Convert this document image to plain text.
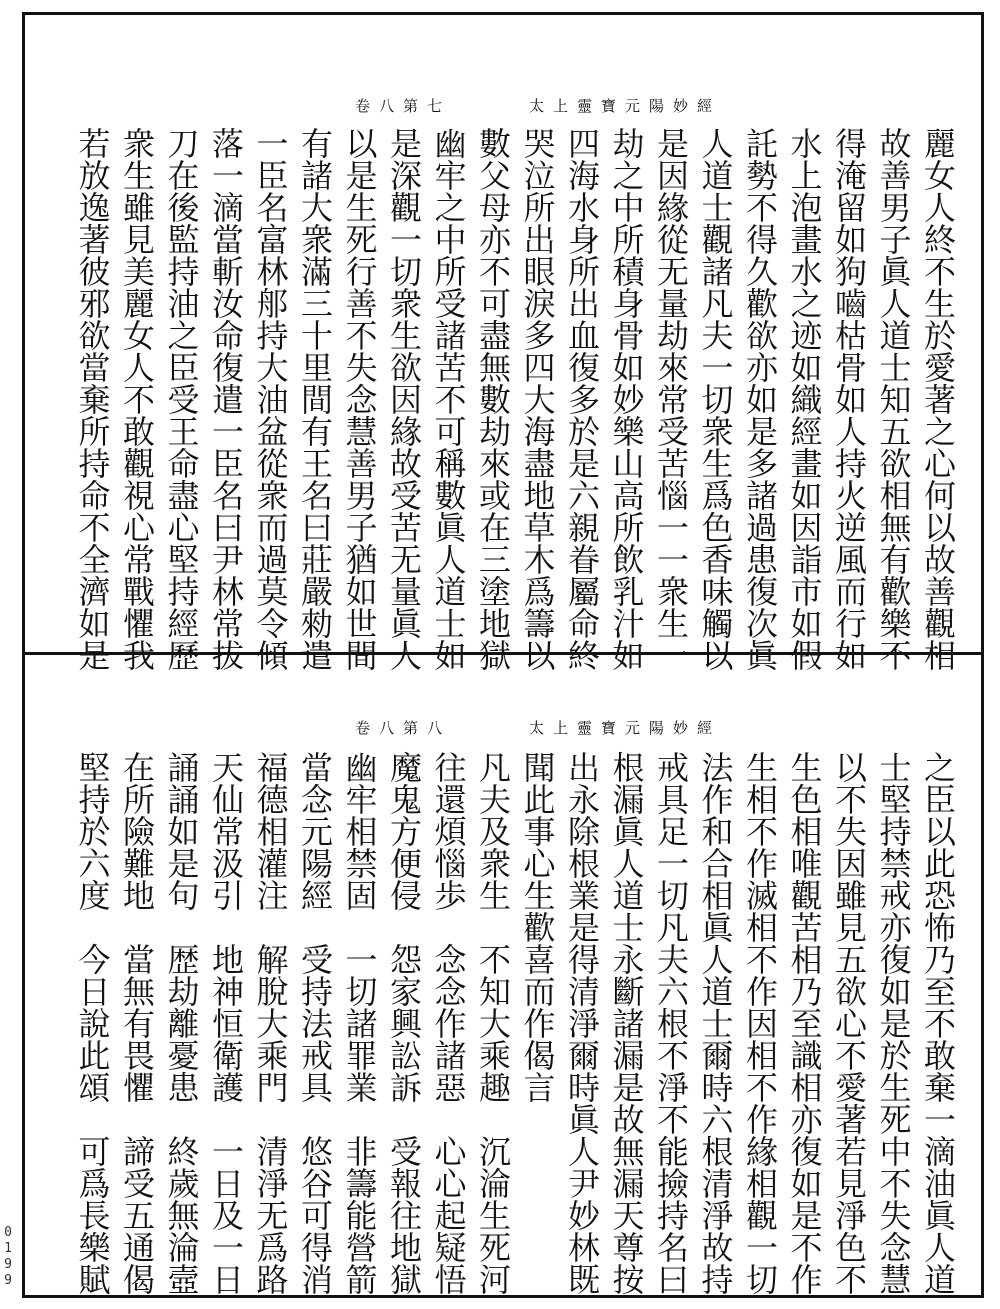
太上靈寶元陽妙經
卷八第七
麗女人終不生於愛著之心何以故善觀相
故善男子眞人道士知五欲相無有歡樂不
得淹留如狗嚙枯骨如人持火逆風而行如
水上泡畫水之迹如織經畫如因詣市如假
託勢不得久歡欲亦如是多諸過患復次眞
人道士觀諸凡夫一切衆生爲色香味觸以
是因緣從无量劫來常受苦惱一一衆生一
劫之中所積身骨如妙樂山高所飲乳汁如
四海水身所出血復多於是六親眷屬命終
哭泣所出眼淚多四大海盡地草木爲籌以
數父母亦不可盡無數劫來或在三塗地獄
幽牢之中所受諸苦不可稱數眞人道士如
是深觀一切衆生欲因緣故受苦无量眞人
以是生死行善不失念慧善男子猶如世間
有諸大衆滿三十里間有王名曰莊嚴勑遣
一臣名富林郍持大油盆從衆而過莫令傾
落一滴當斬汝命復遣一臣名曰尹林常拔
刀在後監持油之臣受王命盡心堅持經歷
衆生雖見美麗女人不敢觀視心常戰懼我
若放逸著彼邪欲當棄所持命不全濟如是
太上靈寶元陽妙經
卷八第八
之臣以此恐怖乃至不敢棄一滴油眞人道
士堅持禁戒亦復如是於生死中不失念慧
以不失因雖見五欲心不愛著若見淨色不
生色相唯觀苦相乃至識相亦復如是不作
生相不作滅相不作因相不作緣相觀一切
法作和合相眞人道士爾時六根清淨故持
戒具足一切凡夫六根不淨不能撿持名曰
根漏眞人道士永斷諸漏是故無漏天尊按
出永除根業是得清淨爾時眞人尹妙林既
聞此事心生歡喜而作偈言
凡夫及衆生　不知大乘趣　沉淪生死河
往還煩惱歩　念念作諸惡　心心起疑悟
魔鬼方便侵　怨家興訟訴　受報往地獄
幽牢相禁固　一切諸罪業　非籌能營箭
當念元陽經　受持法戒具　悠谷可得消
福德相灌注　解脫大乘門　清淨无爲路
天仙常汲引　地神恒衛護　一日及一日
誦誦如是句　歴劫離憂患　終歲無淪壼
在所險難地　當無有畏懼　諦受五通偈
堅持於六度　今日說此頌　可爲長樂賦
0199
